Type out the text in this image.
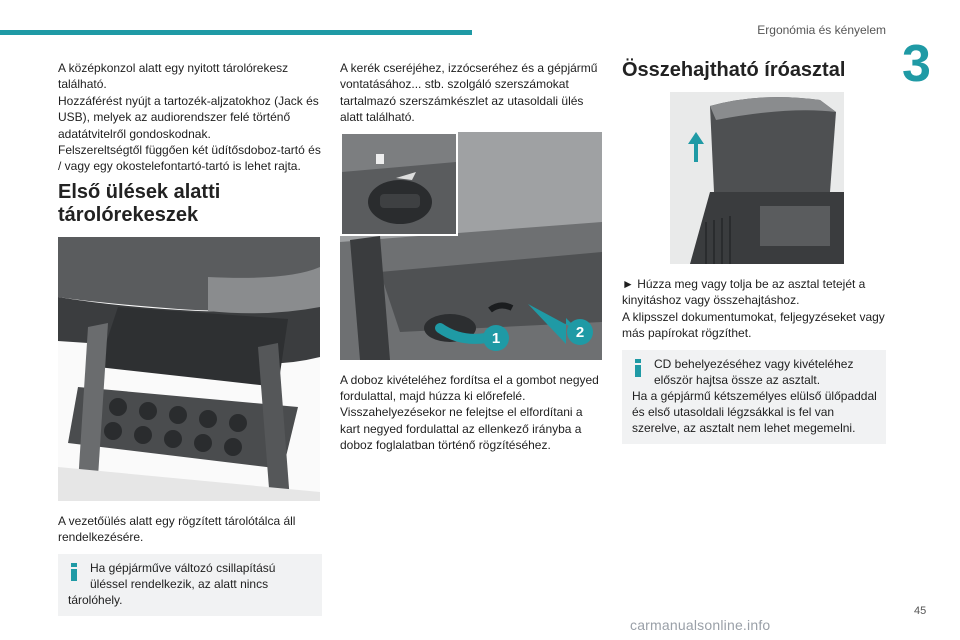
Ergonómia és kényelem
3

A középkonzol alatt egy nyitott tárolórekesz található.
Hozzáférést nyújt a tartozék-aljzatokhoz (Jack és USB), melyek az audiorendszer felé történő adatátvitelről gondoskodnak.
Felszereltségtől függően két üdítősdoboz-tartó és / vagy egy okostelefontartó-tartó is lehet rajta.

Első ülések alatti tárolórekeszek

A vezetőülés alatt egy rögzített tárolótálca áll rendelkezésére.

Ha gépjárműve változó csillapítású üléssel rendelkezik, az alatt nincs
tárolóhely.

A kerék cseréjéhez, izzócseréhez és a gépjármű vontatásához... stb. szolgáló szerszámokat tartalmazó szerszámkészlet az utasoldali ülés alatt található.

1	2

A doboz kivételéhez fordítsa el a gombot negyed fordulattal, majd húzza ki előrefelé.
Visszahelyezésekor ne felejtse el elfordítani a kart negyed fordulattal az ellenkező irányba a doboz foglalatban történő rögzítéséhez.

Összehajtható íróasztal

► Húzza meg vagy tolja be az asztal tetejét a kinyitáshoz vagy összehajtáshoz.
A klipsszel dokumentumokat, feljegyzéseket vagy más papírokat rögzíthet.

CD behelyezéséhez vagy kivételéhez először hajtsa össze az asztalt.
Ha a gépjármű kétszemélyes elülső ülőpaddal és első utasoldali légzsákkal is fel van szerelve, az asztalt nem lehet megemelni.
45
carmanualsonline.info
